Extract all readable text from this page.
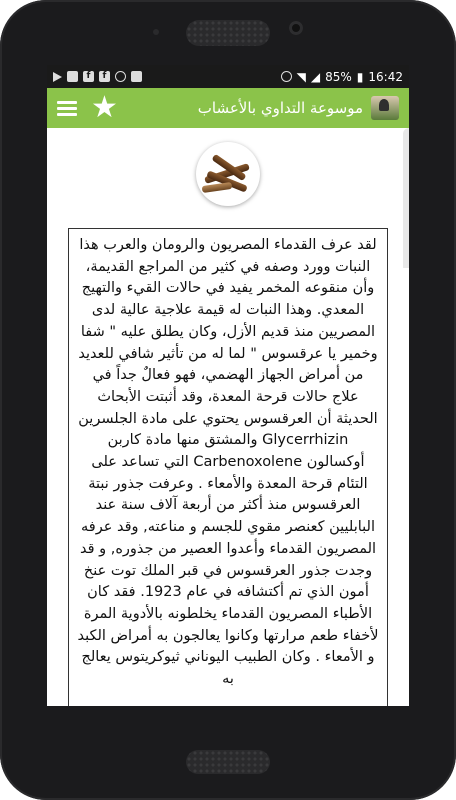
f	f	◥ ◢ 85% ▮ 16:42
★	موسوعة التداوي بالأعشاب

لقد عرف القدماء المصريون والرومان والعرب هذا النبات وورد وصفه في كثير من المراجع القديمة، وأن منقوعه المخمر يفيد في حالات القيء والتهيج المعدي. وهذا النبات له قيمة علاجية عالية لدى المصريين منذ قديم الأزل، وكان يطلق عليه " شفا وخمير يا عرقسوس " لما له من تأثير شافي للعديد من أمراض الجهاز الهضمي، فهو فعالٌ جداً في علاج حالات قرحة المعدة، وقد أثبتت الأبحاث الحديثة أن العرقسوس يحتوي على مادة الجلسرين Glycerrhizin والمشتق منها مادة كاربن أوكسالون Carbenoxolene التي تساعد على التئام قرحة المعدة والأمعاء . وعرفت جذور نبتة العرقسوس منذ أكثر من أربعة آلاف سنة عند البابليين كعنصر مقوي للجسم و مناعته, وقد عرفه المصريون القدماء وأعدوا العصير من جذوره, و قد وجدت جذور العرقسوس في قبر الملك توت عنخ أمون الذي تم أكتشافه في عام 1923. فقد كان الأطباء المصريون القدماء يخلطونه بالأدوية المرة لأخفاء طعم مرارتها وكانوا يعالجون به أمراض الكبد و الأمعاء . وكان الطبيب اليوناني ثيوكريتوس يعالج به
